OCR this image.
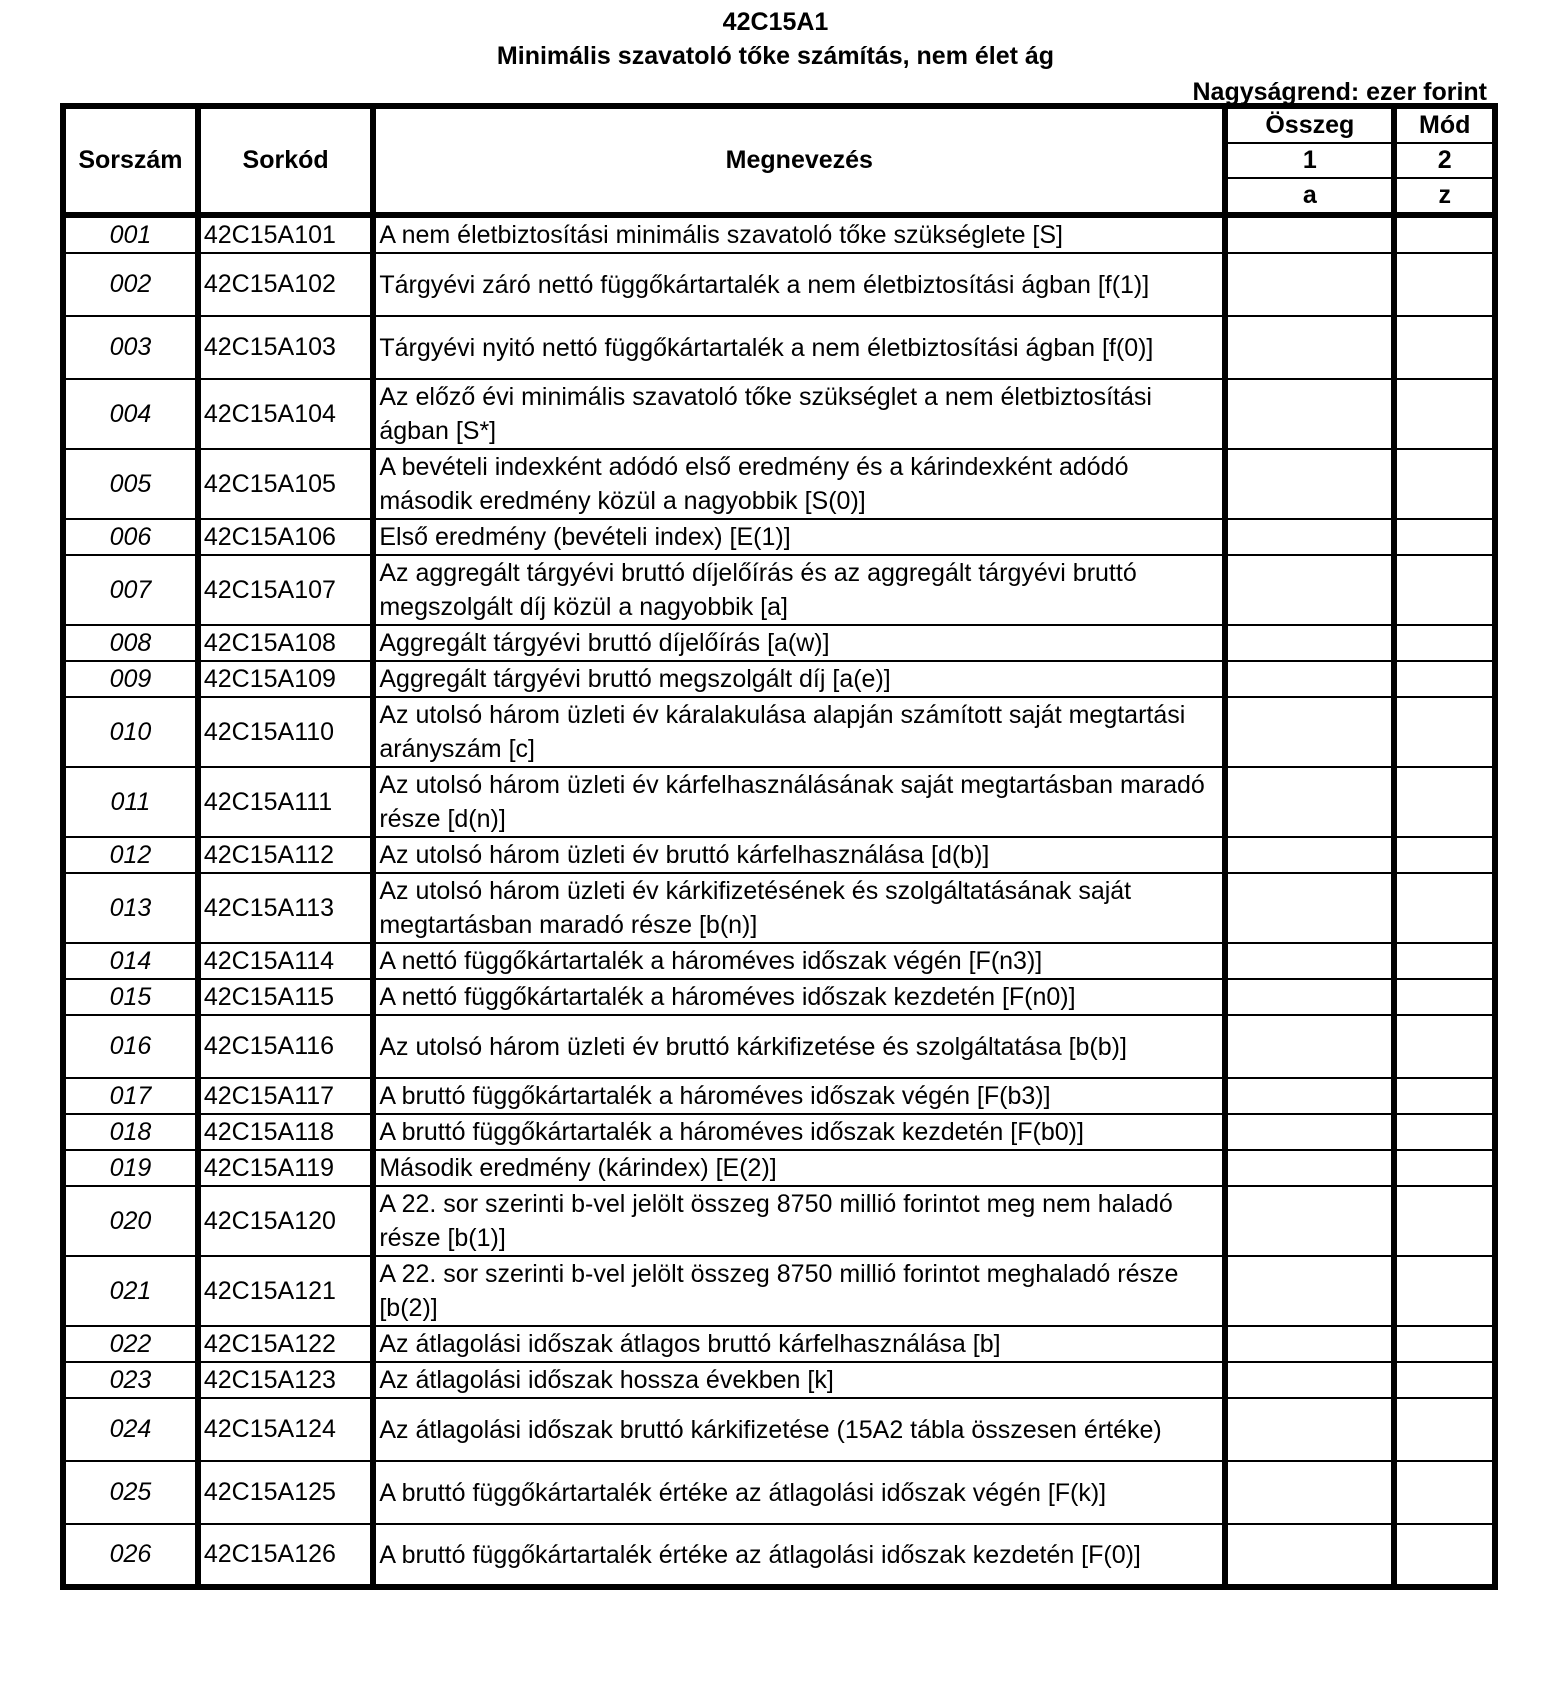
42C15A1
Minimális szavatoló tőke számítás, nem élet ág
Nagyságrend: ezer forint
Sorszám	Sorkód	Megnevezés	Összeg	Mód
			1	2
			a	z
001	42C15A101	A nem életbiztosítási minimális szavatoló tőke szükséglete [S]		
002	42C15A102	Tárgyévi záró nettó függőkártartalék a nem életbiztosítási ágban [f(1)]		
003	42C15A103	Tárgyévi nyitó nettó függőkártartalék a nem életbiztosítási ágban [f(0)]		
004	42C15A104	Az előző évi minimális szavatoló tőke szükséglet a nem életbiztosítási ágban [S*]		
005	42C15A105	A bevételi indexként adódó első eredmény és a kárindexként adódó második eredmény közül a nagyobbik [S(0)]		
006	42C15A106	Első eredmény (bevételi index) [E(1)]		
007	42C15A107	Az aggregált tárgyévi bruttó díjelőírás és az aggregált tárgyévi bruttó megszolgált díj közül a nagyobbik [a]		
008	42C15A108	Aggregált tárgyévi bruttó díjelőírás [a(w)]		
009	42C15A109	Aggregált tárgyévi bruttó megszolgált díj [a(e)]		
010	42C15A110	Az utolsó három üzleti év káralakulása alapján számított saját megtartási arányszám [c]		
011	42C15A111	Az utolsó három üzleti év kárfelhasználásának saját megtartásban maradó része [d(n)]		
012	42C15A112	Az utolsó három üzleti év bruttó kárfelhasználása [d(b)]		
013	42C15A113	Az utolsó három üzleti év kárkifizetésének és szolgáltatásának saját megtartásban maradó része [b(n)]		
014	42C15A114	A nettó függőkártartalék a hároméves időszak végén [F(n3)]		
015	42C15A115	A nettó függőkártartalék a hároméves időszak kezdetén [F(n0)]		
016	42C15A116	Az utolsó három üzleti év bruttó kárkifizetése és szolgáltatása [b(b)]		
017	42C15A117	A bruttó függőkártartalék a hároméves időszak végén [F(b3)]		
018	42C15A118	A bruttó függőkártartalék a hároméves időszak kezdetén [F(b0)]		
019	42C15A119	Második eredmény (kárindex) [E(2)]		
020	42C15A120	A 22. sor szerinti b-vel jelölt összeg 8750 millió forintot meg nem haladó része [b(1)]		
021	42C15A121	A 22. sor szerinti b-vel jelölt összeg 8750 millió forintot meghaladó része [b(2)]		
022	42C15A122	Az átlagolási időszak átlagos bruttó kárfelhasználása [b]		
023	42C15A123	Az átlagolási időszak hossza években [k]		
024	42C15A124	Az átlagolási időszak bruttó kárkifizetése (15A2 tábla összesen értéke)		
025	42C15A125	A bruttó függőkártartalék értéke az átlagolási időszak végén [F(k)]		
026	42C15A126	A bruttó függőkártartalék értéke az átlagolási időszak kezdetén [F(0)]		
